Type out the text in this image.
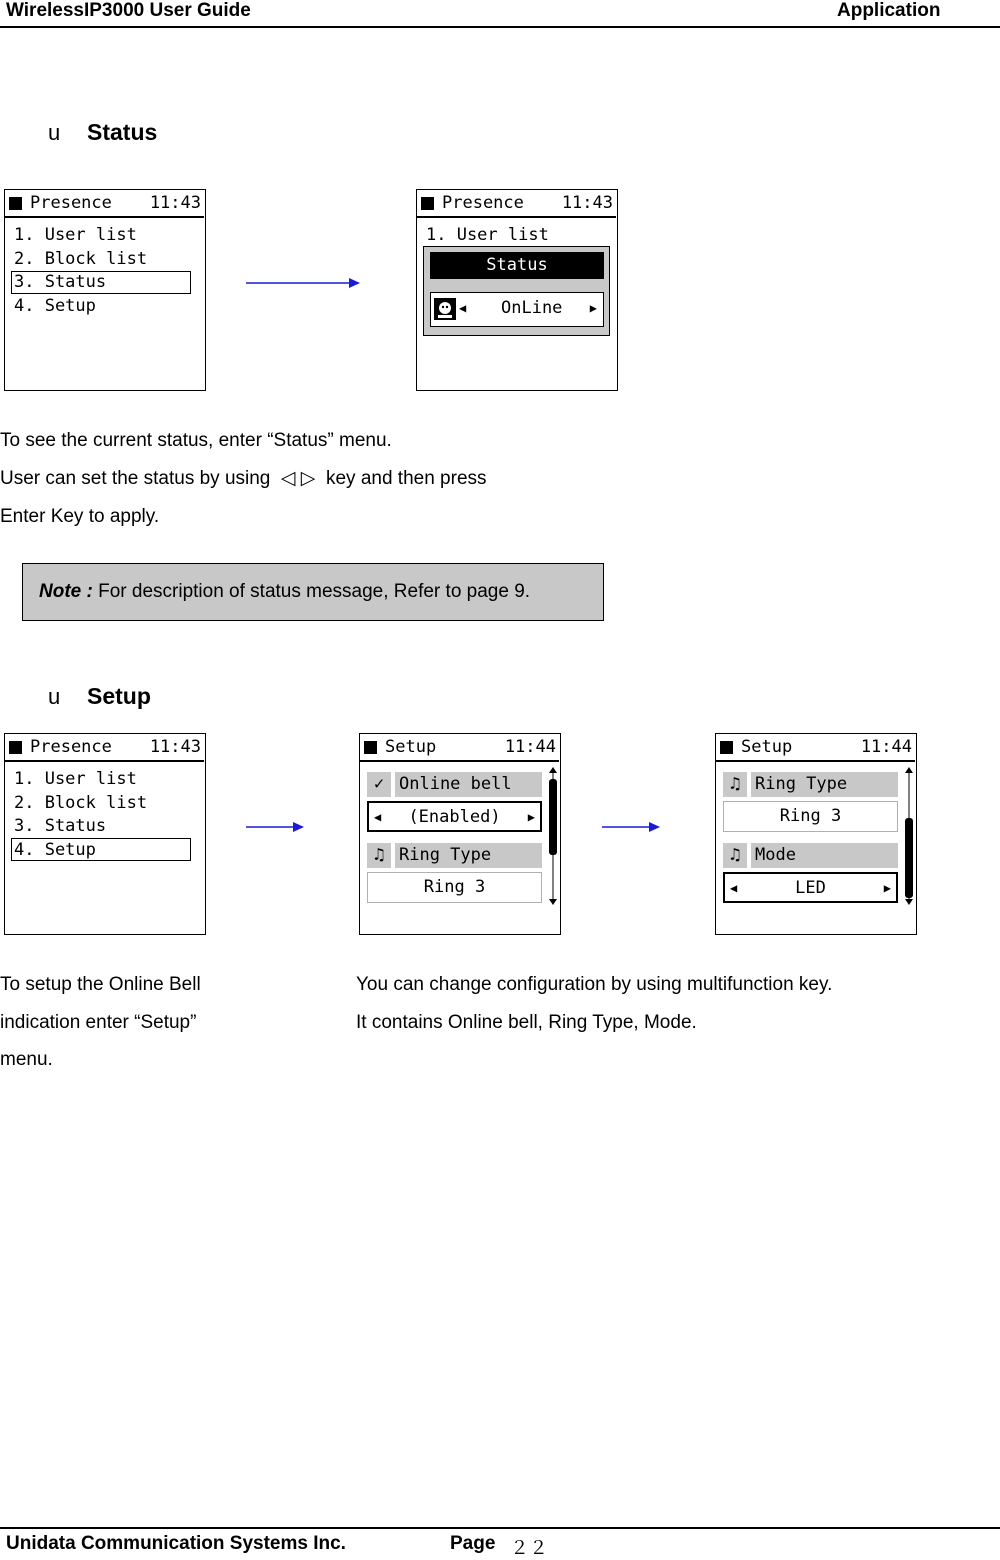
WirelessIP3000 User Guide	Application
u Status
Presence 11:43
1. User list
2. Block list
3. Status
4. Setup
Presence 11:43
1. User list
Status
◀ OnLine ▶
To see the current status, enter “Status” menu.
User can set the status by using  ◁ ▷  key and then press
Enter Key to apply.
Note : For description of status message, Refer to page 9.
u Setup
Presence 11:43
1. User list
2. Block list
3. Status
4. Setup
Setup	11:44
✓ Online bell
◀ (Enabled) ▶
♫ Ring Type
Ring 3
Setup	11:44
♫ Ring Type
Ring 3
♫ Mode
◀	LED	▶
To setup the Online Bell
indication enter “Setup”
menu.
You can change configuration by using multifunction key.
It contains Online bell, Ring Type, Mode.
Unidata Communication Systems Inc.	Page ２２
